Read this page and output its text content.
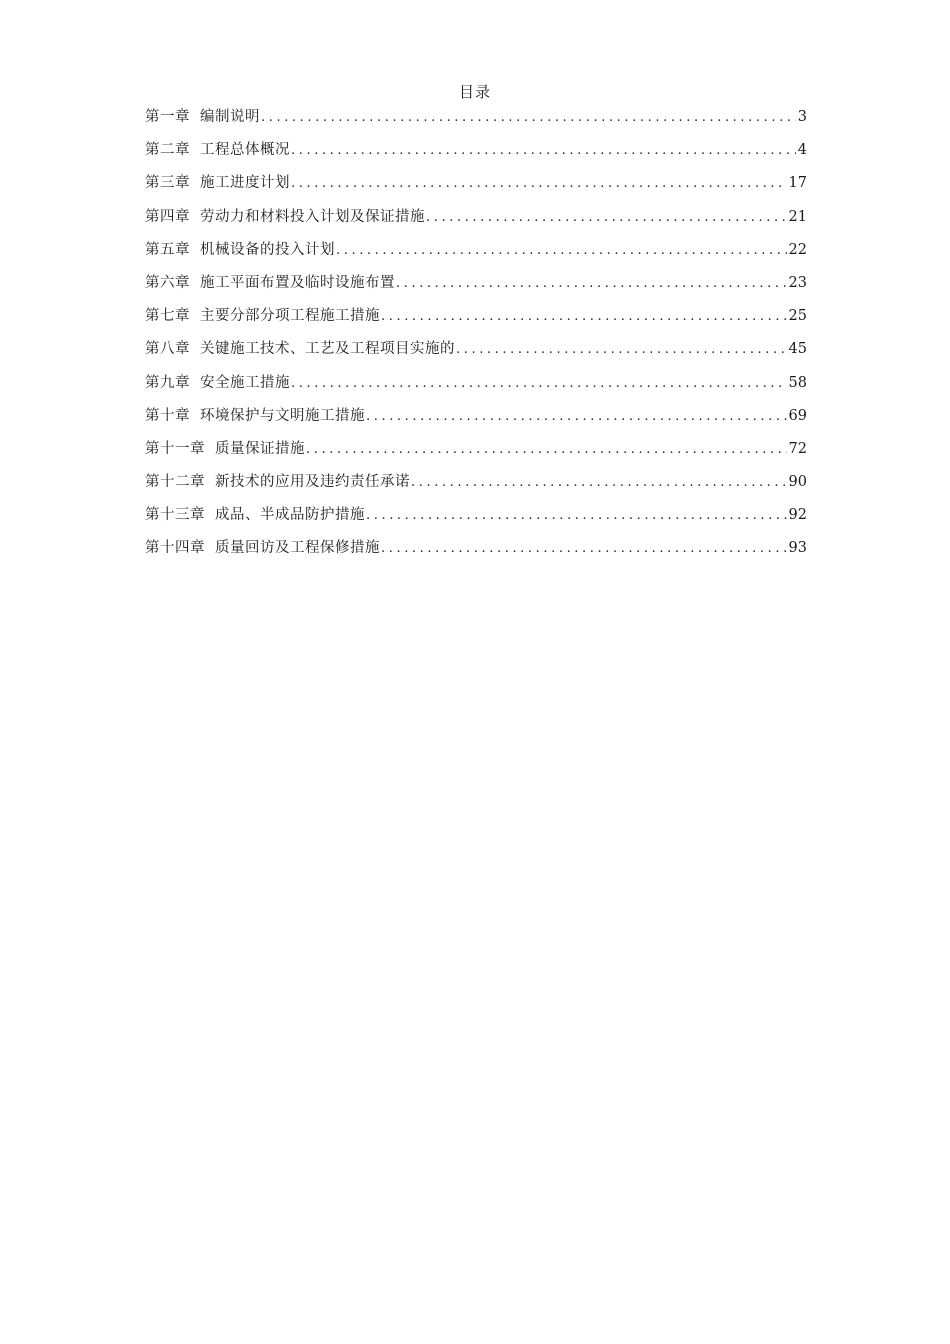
目录
第一章 编制说明 .....	3
第二章 工程总体概况 .....	4
第三章 施工进度计划 .....	17
第四章 劳动力和材料投入计划及保证措施 .....	21
第五章 机械设备的投入计划 .....	22
第六章 施工平面布置及临时设施布置 .....	23
第七章 主要分部分项工程施工措施 .....	25
第八章 关键施工技术、工艺及工程项目实施的 .....	45
第九章 安全施工措施 .....	58
第十章 环境保护与文明施工措施 .....	69
第十一章 质量保证措施 .....	72
第十二章 新技术的应用及违约责任承诺 .....	90
第十三章 成品、半成品防护措施 .....	92
第十四章 质量回访及工程保修措施 .....	93
